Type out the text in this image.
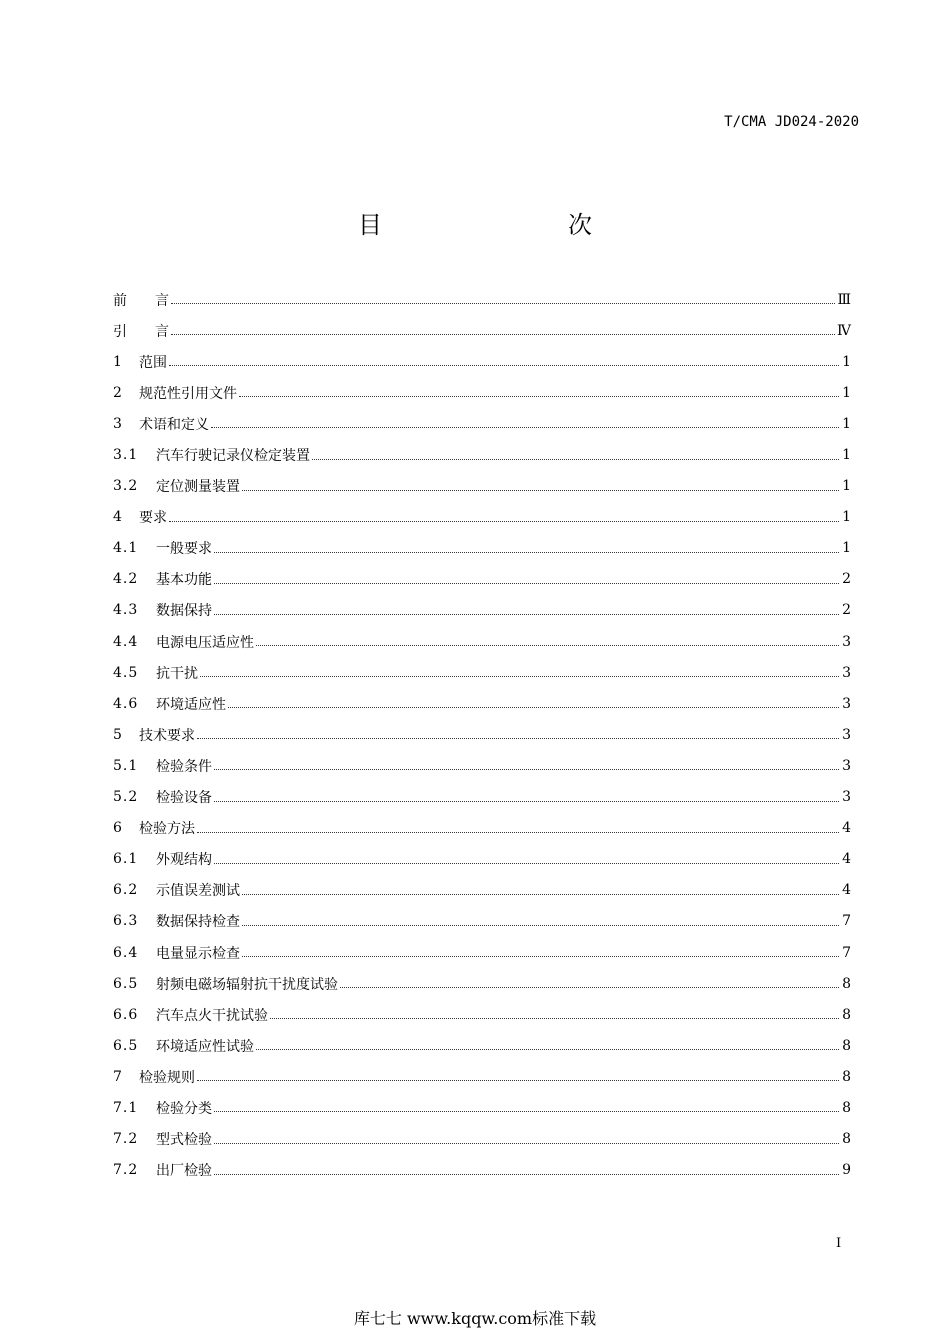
T/CMA JD024-2020
目　　次
前　　言	Ⅲ
引　　言	Ⅳ
1	范围	1
2	规范性引用文件	1
3	术语和定义	1
3.1	汽车行驶记录仪检定装置	1
3.2	定位测量装置	1
4	要求	1
4.1	一般要求	1
4.2	基本功能	2
4.3	数据保持	2
4.4	电源电压适应性	3
4.5	抗干扰	3
4.6	环境适应性	3
5	技术要求	3
5.1	检验条件	3
5.2	检验设备	3
6	检验方法	4
6.1	外观结构	4
6.2	示值误差测试	4
6.3	数据保持检查	7
6.4	电量显示检查	7
6.5	射频电磁场辐射抗干扰度试验	8
6.6	汽车点火干扰试验	8
6.5	环境适应性试验	8
7	检验规则	8
7.1	检验分类	8
7.2	型式检验	8
7.2	出厂检验	9
I
库七七 www.kqqw.com标准下载
